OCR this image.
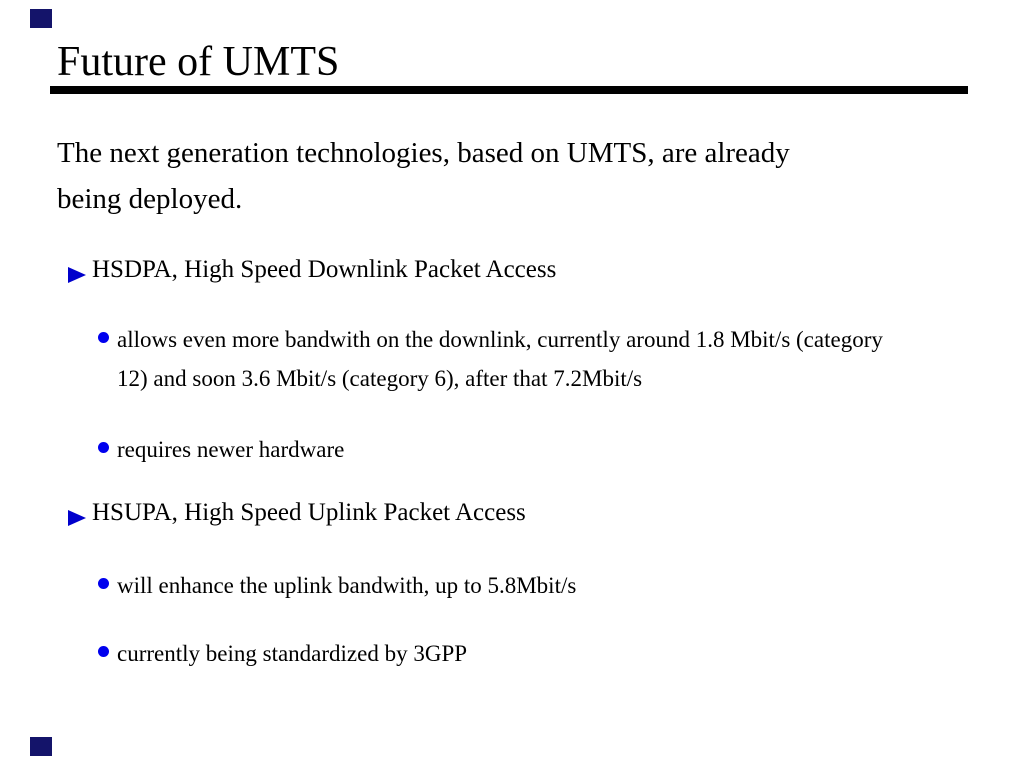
Future of UMTS

The next generation technologies, based on UMTS, are already
being deployed.

HSDPA, High Speed Downlink Packet Access
allows even more bandwith on the downlink, currently around 1.8 Mbit/s (category
12) and soon 3.6 Mbit/s (category 6), after that 7.2Mbit/s
requires newer hardware
HSUPA, High Speed Uplink Packet Access
will enhance the uplink bandwith, up to 5.8Mbit/s
currently being standardized by 3GPP
